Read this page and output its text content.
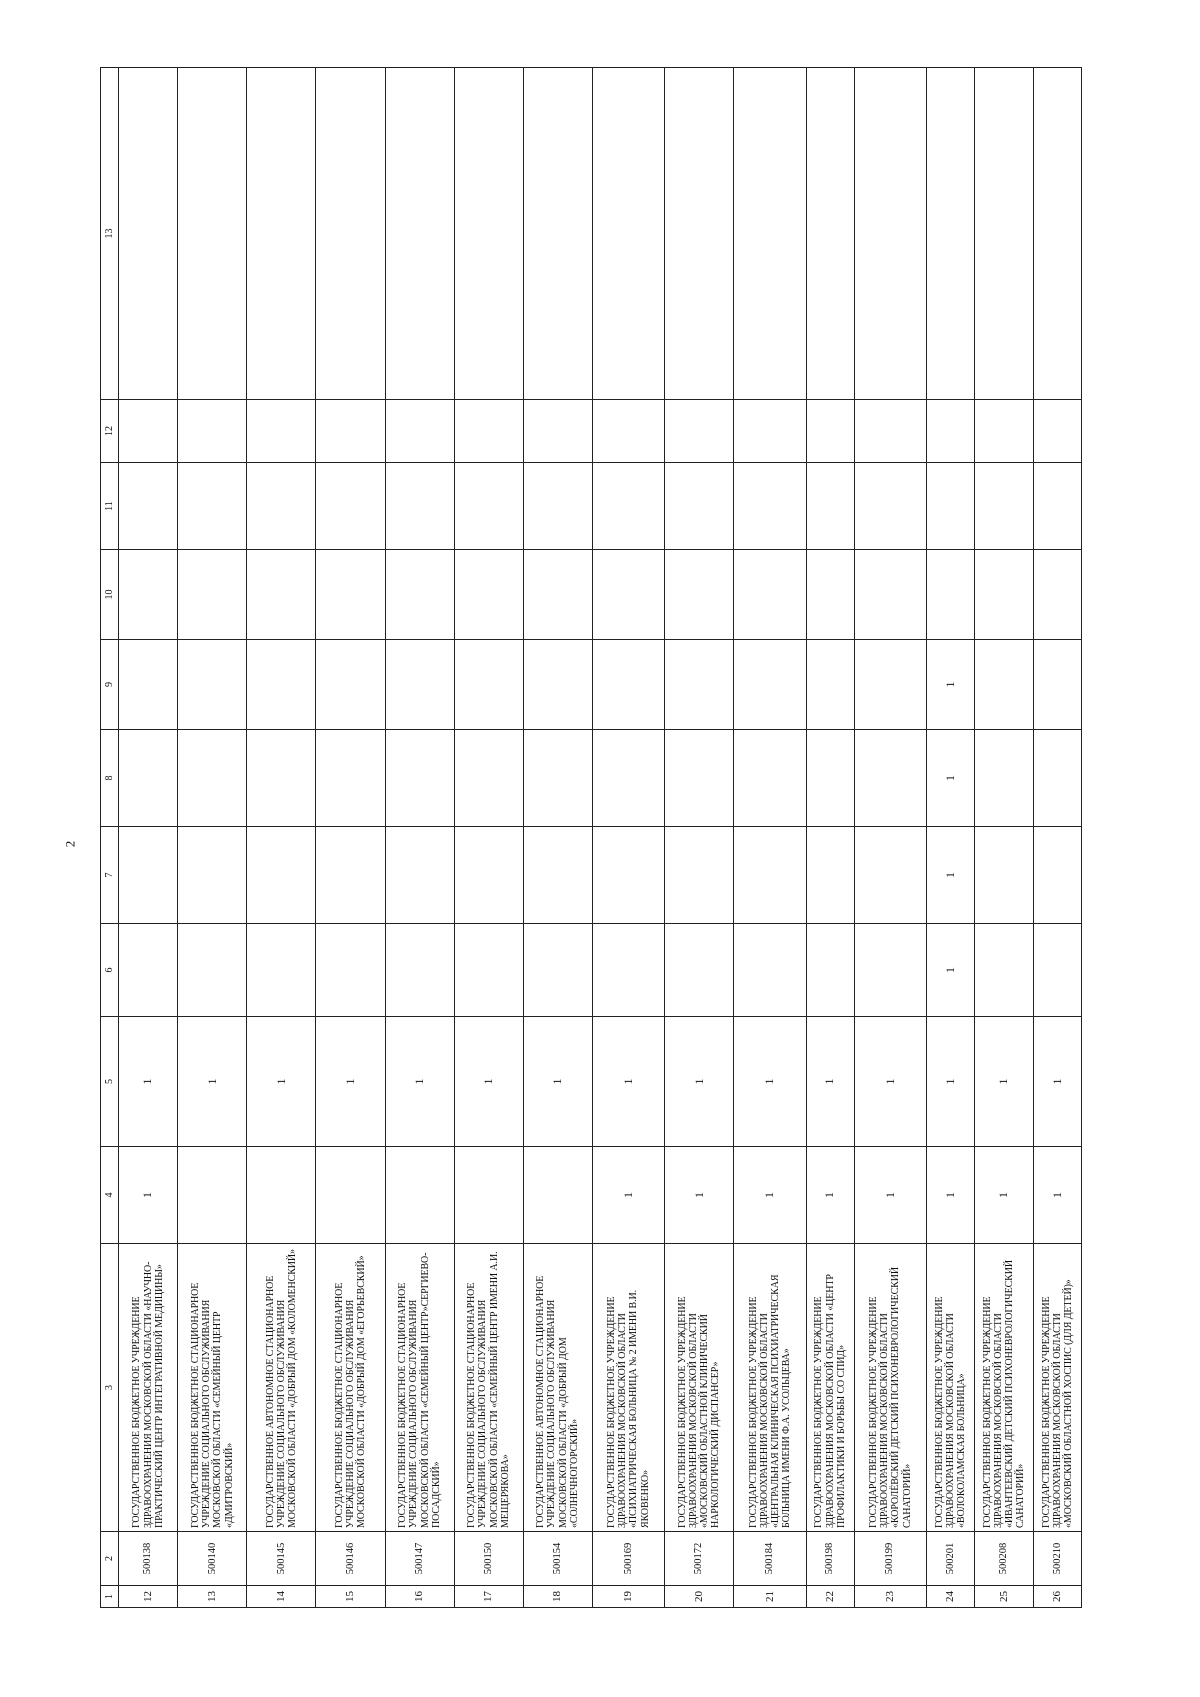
2
1	2	3	4	5	6	7	8	9	10	11	12	13
12	500138	ГОСУДАРСТВЕННОЕ БЮДЖЕТНОЕ УЧРЕЖДЕНИЕ ЗДРАВООХРАНЕНИЯ МОСКОВСКОЙ ОБЛАСТИ «НАУЧНО-ПРАКТИЧЕСКИЙ ЦЕНТР ИНТЕГРАТИВНОЙ МЕДИЦИНЫ»	1	1								
13	500140	ГОСУДАРСТВЕННОЕ БЮДЖЕТНОЕ СТАЦИОНАРНОЕ УЧРЕЖДЕНИЕ СОЦИАЛЬНОГО ОБСЛУЖИВАНИЯ МОСКОВСКОЙ ОБЛАСТИ «СЕМЕЙНЫЙ ЦЕНТР «ДМИТРОВСКИЙ»		1								
14	500145	ГОСУДАРСТВЕННОЕ АВТОНОМНОЕ СТАЦИОНАРНОЕ УЧРЕЖДЕНИЕ СОЦИАЛЬНОГО ОБСЛУЖИВАНИЯ МОСКОВСКОЙ ОБЛАСТИ «ДОБРЫЙ ДОМ «КОЛОМЕНСКИЙ»		1								
15	500146	ГОСУДАРСТВЕННОЕ БЮДЖЕТНОЕ СТАЦИОНАРНОЕ УЧРЕЖДЕНИЕ СОЦИАЛЬНОГО ОБСЛУЖИВАНИЯ МОСКОВСКОЙ ОБЛАСТИ «ДОБРЫЙ ДОМ «ЕГОРЬЕВСКИЙ»		1								
16	500147	ГОСУДАРСТВЕННОЕ БЮДЖЕТНОЕ СТАЦИОНАРНОЕ УЧРЕЖДЕНИЕ СОЦИАЛЬНОГО ОБСЛУЖИВАНИЯ МОСКОВСКОЙ ОБЛАСТИ «СЕМЕЙНЫЙ ЦЕНТР»СЕРГИЕВО-ПОСАДСКИЙ»		1								
17	500150	ГОСУДАРСТВЕННОЕ БЮДЖЕТНОЕ СТАЦИОНАРНОЕ УЧРЕЖДЕНИЕ СОЦИАЛЬНОГО ОБСЛУЖИВАНИЯ МОСКОВСКОЙ ОБЛАСТИ «СЕМЕЙНЫЙ ЦЕНТР ИМЕНИ А.И. МЕЩЕРЯКОВА»		1								
18	500154	ГОСУДАРСТВЕННОЕ АВТОНОМНОЕ СТАЦИОНАРНОЕ УЧРЕЖДЕНИЕ СОЦИАЛЬНОГО ОБСЛУЖИВАНИЯ МОСКОВСКОЙ ОБЛАСТИ «ДОБРЫЙ ДОМ «СОЛНЕЧНОГОРСКИЙ»		1								
19	500169	ГОСУДАРСТВЕННОЕ БЮДЖЕТНОЕ УЧРЕЖДЕНИЕ ЗДРАВООХРАНЕНИЯ МОСКОВСКОЙ ОБЛАСТИ «ПСИХИАТРИЧЕСКАЯ БОЛЬНИЦА № 2 ИМЕНИ В.И. ЯКОВЕНКО»	1	1								
20	500172	ГОСУДАРСТВЕННОЕ БЮДЖЕТНОЕ УЧРЕЖДЕНИЕ ЗДРАВООХРАНЕНИЯ МОСКОВСКОЙ ОБЛАСТИ «МОСКОВСКИЙ ОБЛАСТНОЙ КЛИНИЧЕСКИЙ НАРКОЛОГИЧЕСКИЙ ДИСПАНСЕР»	1	1								
21	500184	ГОСУДАРСТВЕННОЕ БЮДЖЕТНОЕ УЧРЕЖДЕНИЕ ЗДРАВООХРАНЕНИЯ МОСКОВСКОЙ ОБЛАСТИ «ЦЕНТРАЛЬНАЯ КЛИНИЧЕСКАЯ ПСИХИАТРИЧЕСКАЯ БОЛЬНИЦА ИМЕНИ Ф.А. УСОЛЬЦЕВА»	1	1								
22	500198	ГОСУДАРСТВЕННОЕ БЮДЖЕТНОЕ УЧРЕЖДЕНИЕ ЗДРАВООХРАНЕНИЯ МОСКОВСКОЙ ОБЛАСТИ «ЦЕНТР ПРОФИЛАКТИКИ И БОРЬБЫ СО СПИД»	1	1								
23	500199	ГОСУДАРСТВЕННОЕ БЮДЖЕТНОЕ УЧРЕЖДЕНИЕ ЗДРАВООХРАНЕНИЯ МОСКОВСКОЙ ОБЛАСТИ «КОРОЛЁВСКИЙ ДЕТСКИЙ ПСИХОНЕВРОЛОГИЧЕСКИЙ САНАТОРИЙ»	1	1								
24	500201	ГОСУДАРСТВЕННОЕ БЮДЖЕТНОЕ УЧРЕЖДЕНИЕ ЗДРАВООХРАНЕНИЯ МОСКОВСКОЙ ОБЛАСТИ «ВОЛОКОЛАМСКАЯ БОЛЬНИЦА»	1	1	1	1	1	1				
25	500208	ГОСУДАРСТВЕННОЕ БЮДЖЕТНОЕ УЧРЕЖДЕНИЕ ЗДРАВООХРАНЕНИЯ МОСКОВСКОЙ ОБЛАСТИ «ИВАНТЕЕВСКИЙ ДЕТСКИЙ ПСИХОНЕВРОЛОГИЧЕСКИЙ САНАТОРИЙ»	1	1								
26	500210	ГОСУДАРСТВЕННОЕ БЮДЖЕТНОЕ УЧРЕЖДЕНИЕ ЗДРАВООХРАНЕНИЯ МОСКОВСКОЙ ОБЛАСТИ «МОСКОВСКИЙ ОБЛАСТНОЙ ХОСПИС (ДЛЯ ДЕТЕЙ)»	1	1								
